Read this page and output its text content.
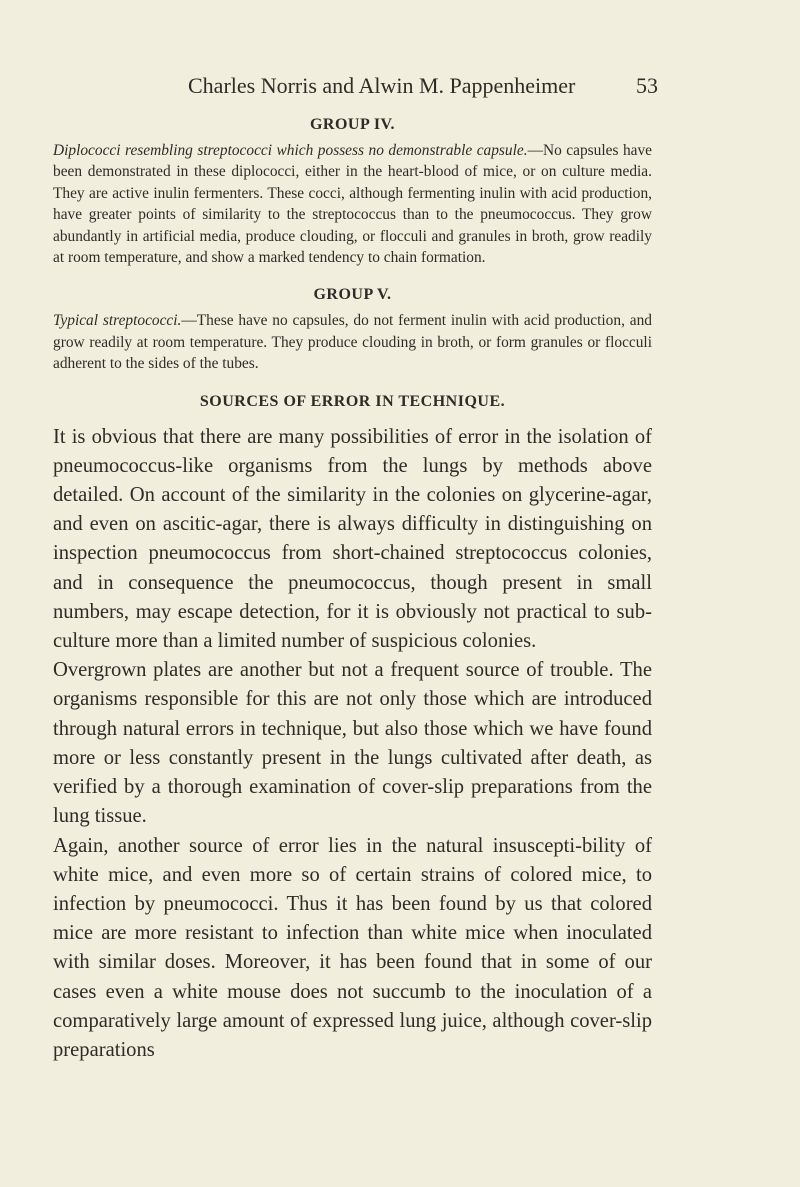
Charles Norris and Alwin M. Pappenheimer	53
GROUP IV.

Diplococci resembling streptococci which possess no demonstrable capsule.—No capsules have been demonstrated in these diplococci, either in the heart-blood of mice, or on culture media. They are active inulin fermenters. These cocci, although fermenting inulin with acid production, have greater points of similarity to the streptococcus than to the pneumococcus. They grow abundantly in artificial media, produce clouding, or flocculi and granules in broth, grow readily at room temperature, and show a marked tendency to chain formation.

GROUP V.

Typical streptococci.—These have no capsules, do not ferment inulin with acid production, and grow readily at room temperature. They produce clouding in broth, or form granules or flocculi adherent to the sides of the tubes.

SOURCES OF ERROR IN TECHNIQUE.

It is obvious that there are many possibilities of error in the isolation of pneumococcus-like organisms from the lungs by methods above detailed. On account of the similarity in the colonies on glycerine-agar, and even on ascitic-agar, there is always difficulty in distinguishing on inspection pneumococcus from short-chained streptococcus colonies, and in consequence the pneumococcus, though present in small numbers, may escape detection, for it is obviously not practical to sub-culture more than a limited number of suspicious colonies.

Overgrown plates are another but not a frequent source of trouble. The organisms responsible for this are not only those which are introduced through natural errors in technique, but also those which we have found more or less constantly present in the lungs cultivated after death, as verified by a thorough examination of cover-slip preparations from the lung tissue.

Again, another source of error lies in the natural insuscepti-bility of white mice, and even more so of certain strains of colored mice, to infection by pneumococci. Thus it has been found by us that colored mice are more resistant to infection than white mice when inoculated with similar doses. Moreover, it has been found that in some of our cases even a white mouse does not succumb to the inoculation of a comparatively large amount of expressed lung juice, although cover-slip preparations
